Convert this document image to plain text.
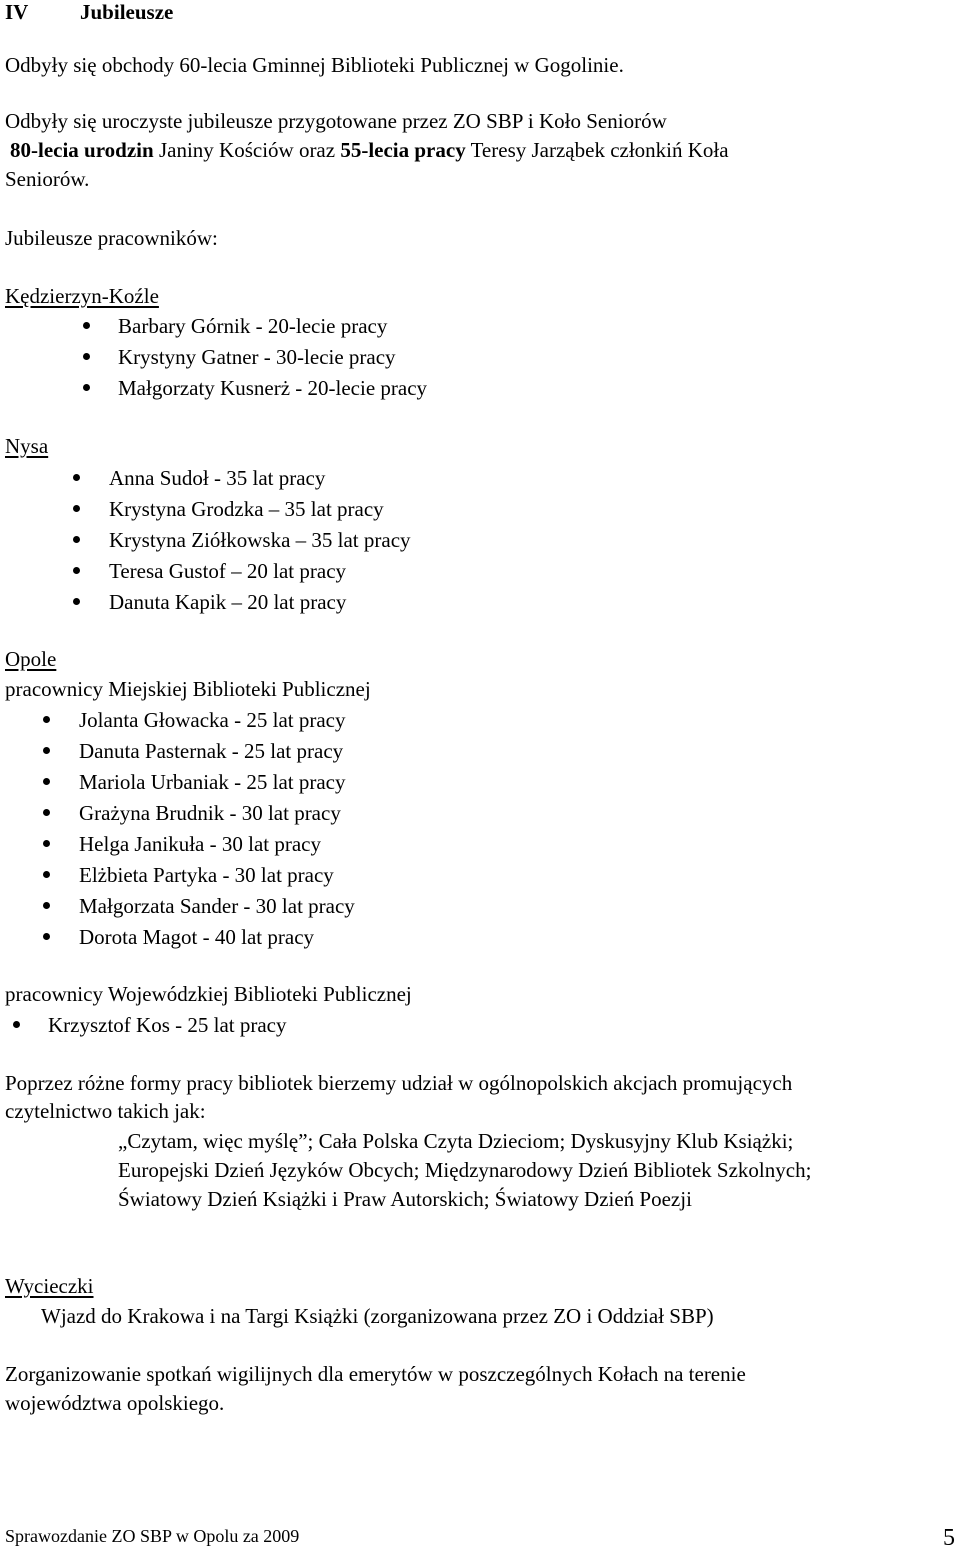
IV Jubileusze
Odbyły się obchody 60-lecia Gminnej Biblioteki Publicznej w Gogolinie.
Odbyły się uroczyste jubileusze przygotowane przez ZO SBP i Koło Seniorów
80-lecia urodzin Janiny Kościów oraz 55-lecia pracy Teresy Jarząbek członkiń Koła
Seniorów.
Jubileusze pracowników:
Kędzierzyn-Koźle
Barbary Górnik - 20-lecie pracy
Krystyny Gatner - 30-lecie pracy
Małgorzaty Kusnerż - 20-lecie pracy
Nysa
Anna Sudoł - 35 lat pracy
Krystyna Grodzka – 35 lat pracy
Krystyna Ziółkowska – 35 lat pracy
Teresa Gustof – 20 lat pracy
Danuta Kapik – 20 lat pracy
Opole
pracownicy Miejskiej Biblioteki Publicznej
Jolanta Głowacka - 25 lat pracy
Danuta Pasternak - 25 lat pracy
Mariola Urbaniak - 25 lat pracy
Grażyna Brudnik - 30 lat pracy
Helga Janikuła - 30 lat pracy
Elżbieta Partyka - 30 lat pracy
Małgorzata Sander - 30 lat pracy
Dorota Magot - 40 lat pracy
pracownicy Wojewódzkiej Biblioteki Publicznej
Krzysztof Kos - 25 lat pracy
Poprzez różne formy pracy bibliotek bierzemy udział w ogólnopolskich akcjach promujących
czytelnictwo takich jak:
„Czytam, więc myślę”; Cała Polska Czyta Dzieciom; Dyskusyjny Klub Książki;
Europejski Dzień Języków Obcych; Międzynarodowy Dzień Bibliotek Szkolnych;
Światowy Dzień Książki i Praw Autorskich; Światowy Dzień Poezji
Wycieczki
Wjazd do Krakowa i na Targi Książki (zorganizowana przez ZO i Oddział SBP)
Zorganizowanie spotkań wigilijnych dla emerytów w poszczególnych Kołach na terenie
województwa opolskiego.
Sprawozdanie ZO SBP w Opolu za 2009	5
